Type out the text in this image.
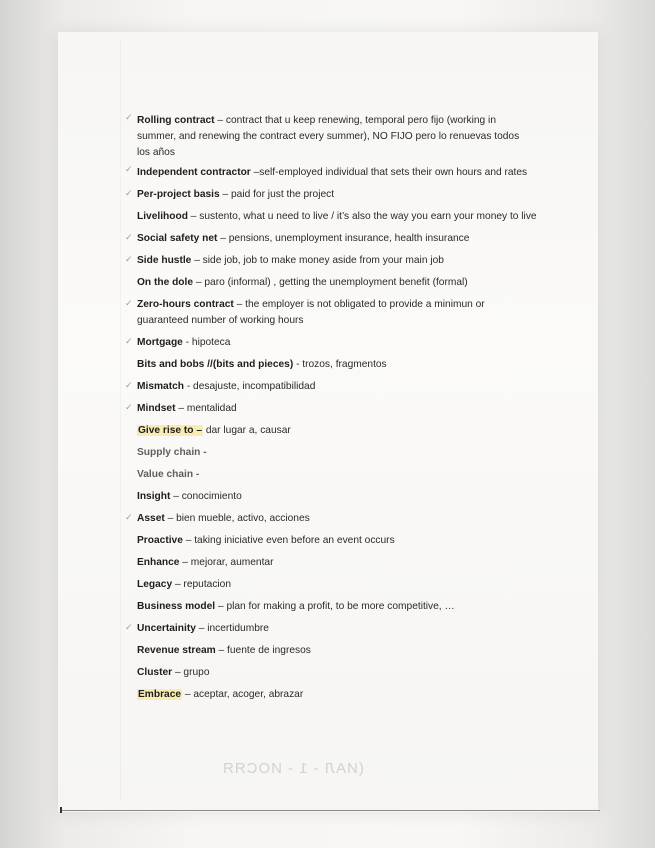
Rolling contract – contract that u keep renewing, temporal pero fijo (working in summer, and renewing the contract every summer), NO FIJO pero lo renuevas todos los años
Independent contractor –self-employed individual that sets their own hours and rates
Per-project basis – paid for just the project
Livelihood – sustento, what u need to live / it’s also the way you earn your money to live
Social safety net – pensions, unemployment insurance, health insurance
Side hustle – side job, job to make money aside from your main job
On the dole – paro (informal) , getting the unemployment benefit (formal)
Zero-hours contract – the employer is not obligated to provide a minimun or guaranteed number of working hours
Mortgage - hipoteca
Bits and bobs //(bits and pieces) - trozos, fragmentos
Mismatch - desajuste, incompatibilidad
Mindset – mentalidad
Give rise to – dar lugar a, causar
Supply chain -
Value chain -
Insight – conocimiento
Asset – bien mueble, activo, acciones
Proactive – taking iniciative even before an event occurs
Enhance – mejorar, aumentar
Legacy – reputacion
Business model – plan for making a profit, to be more competitive, …
Uncertainity – incertidumbre
Revenue stream – fuente de ingresos
Cluster – grupo
Embrace – aceptar, acoger, abrazar
✓
✓
✓
✓
✓
✓
✓
✓
✓
✓
✓
(ИАЛ - 1 - ИОСЯЯ
